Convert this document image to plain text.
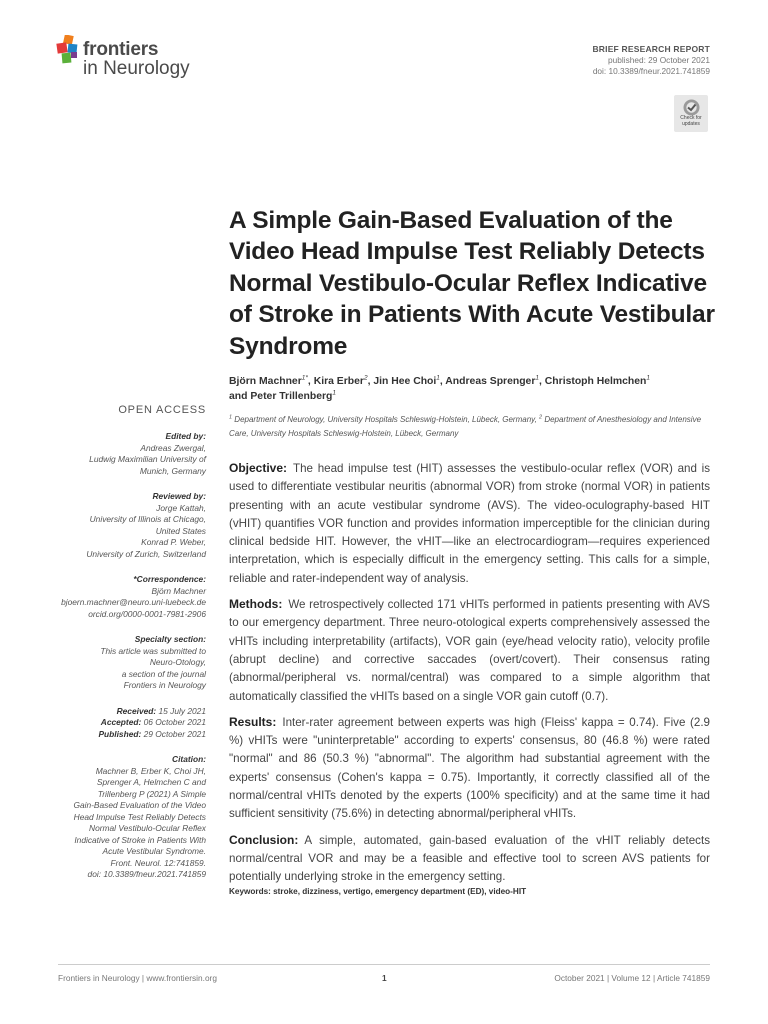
frontiers
in Neurology
BRIEF RESEARCH REPORT
published: 29 October 2021
doi: 10.3389/fneur.2021.741859
Check for
updates
A Simple Gain-Based Evaluation of the Video Head Impulse Test Reliably Detects Normal Vestibulo-Ocular Reflex Indicative of Stroke in Patients With Acute Vestibular Syndrome
Björn Machner$^{1*}$, Kira Erber$^2$, Jin Hee Choi$^1$, Andreas Sprenger$^1$, Christoph Helmchen$^1$
and Peter Trillenberg$^1$
$^1$ Department of Neurology, University Hospitals Schleswig-Holstein, Lübeck, Germany, $^2$ Department of Anesthesiology and Intensive Care, University Hospitals Schleswig-Holstein, Lübeck, Germany
OPEN ACCESS
Edited by:
Andreas Zwergal,
Ludwig Maximilian University of
Munich, Germany
Reviewed by:
Jorge Kattah,
University of Illinois at Chicago,
United States
Konrad P. Weber,
University of Zurich, Switzerland
*Correspondence:
Björn Machner
bjoern.machner@neuro.uni-luebeck.de
orcid.org/0000-0001-7981-2906
Specialty section:
This article was submitted to
Neuro-Otology,
a section of the journal
Frontiers in Neurology
Received: 15 July 2021
Accepted: 06 October 2021
Published: 29 October 2021
Citation:
Machner B, Erber K, Choi JH,
Sprenger A, Helmchen C and
Trillenberg P (2021) A Simple
Gain-Based Evaluation of the Video
Head Impulse Test Reliably Detects
Normal Vestibulo-Ocular Reflex
Indicative of Stroke in Patients With
Acute Vestibular Syndrome.
Front. Neurol. 12:741859.
doi: 10.3389/fneur.2021.741859

Objective: The head impulse test (HIT) assesses the vestibulo-ocular reflex (VOR) and is used to differentiate vestibular neuritis (abnormal VOR) from stroke (normal VOR) in patients presenting with an acute vestibular syndrome (AVS). The video-oculography-based HIT (vHIT) quantifies VOR function and provides information imperceptible for the clinician during clinical bedside HIT. However, the vHIT—like an electrocardiogram—requires experienced interpretation, which is especially difficult in the emergency setting. This calls for a simple, reliable and rater-independent way of analysis.

Methods: We retrospectively collected 171 vHITs performed in patients presenting with AVS to our emergency department. Three neuro-otological experts comprehensively assessed the vHITs including interpretability (artifacts), VOR gain (eye/head velocity ratio), velocity profile (abrupt decline) and corrective saccades (overt/covert). Their consensus rating (abnormal/peripheral vs. normal/central) was compared to a simple algorithm that automatically classified the vHITs based on a single VOR gain cutoff (0.7).

Results: Inter-rater agreement between experts was high (Fleiss' kappa = 0.74). Five (2.9 %) vHITs were "uninterpretable" according to experts' consensus, 80 (46.8 %) were rated "normal" and 86 (50.3 %) "abnormal". The algorithm had substantial agreement with the experts' consensus (Cohen's kappa = 0.75). Importantly, it correctly classified all of the normal/central vHITs denoted by the experts (100% specificity) and at the same time it had sufficient sensitivity (75.6%) in detecting abnormal/peripheral vHITs.

Conclusion: A simple, automated, gain-based evaluation of the vHIT reliably detects normal/central VOR and may be a feasible and effective tool to screen AVS patients for potentially underlying stroke in the emergency setting.

Keywords: stroke, dizziness, vertigo, emergency department (ED), video-HIT
Frontiers in Neurology | www.frontiersin.org	1	October 2021 | Volume 12 | Article 741859
